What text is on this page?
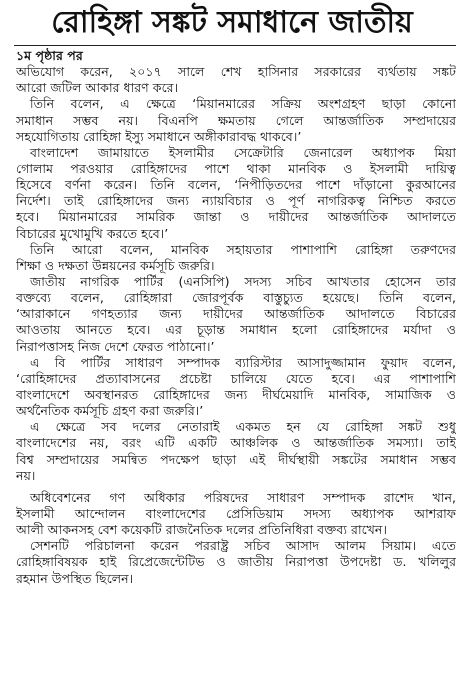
রোহিঙ্গা সঙ্কট সমাধানে জাতীয়
১ম পৃষ্ঠার পর
অভিযোগ করেন, ২০১৭ সালে শেখ হাসিনার সরকারের ব্যর্থতায় সঙ্কট
আরো জটিল আকার ধারণ করে।
তিনি বলেন, এ ক্ষেত্রে ‘মিয়ানমারের সক্রিয় অংশগ্রহণ ছাড়া কোনো
সমাধান সম্ভব নয়। বিএনপি ক্ষমতায় গেলে আন্তর্জাতিক সম্প্রদায়ের
সহযোগিতায় রোহিঙ্গা ইস্যু সমাধানে অঙ্গীকারাবদ্ধ থাকবে।’
বাংলাদেশ জামায়াতে ইসলামীর সেক্রেটারি জেনারেল অধ্যাপক মিয়া
গোলাম পরওয়ার রোহিঙ্গাদের পাশে থাকা মানবিক ও ইসলামী দায়িত্ব
হিসেবে বর্ণনা করেন। তিনি বলেন, ‘নিপীড়িতদের পাশে দাঁড়ানো কুরআনের
নির্দেশ। তাই রোহিঙ্গাদের জন্য ন্যায়বিচার ও পূর্ণ নাগরিকত্ব নিশ্চিত করতে
হবে। মিয়ানমারের সামরিক জান্তা ও দায়ীদের আন্তর্জাতিক আদালতে
বিচারের মুখোমুখি করতে হবে।’
তিনি আরো বলেন, মানবিক সহায়তার পাশাপাশি রোহিঙ্গা তরুণদের
শিক্ষা ও দক্ষতা উন্নয়নের কর্মসূচি জরুরি।
জাতীয় নাগরিক পার্টির (এনসিপি) সদস্য সচিব আখতার হোসেন তার
বক্তব্যে বলেন, রোহিঙ্গারা জোরপূর্বক বাস্তুচ্যুত হয়েছে। তিনি বলেন,
‘আরাকানে গণহত্যার জন্য দায়ীদের আন্তর্জাতিক আদালতে বিচারের
আওতায় আনতে হবে। এর চূড়ান্ত সমাধান হলো রোহিঙ্গাদের মর্যাদা ও
নিরাপত্তাসহ নিজ দেশে ফেরত পাঠানো।’
এ বি পার্টির সাধারণ সম্পাদক ব্যারিস্টার আসাদুজ্জামান ফুয়াদ বলেন,
‘রোহিঙ্গাদের প্রত্যাবাসনের প্রচেষ্টা চালিয়ে যেতে হবে। এর পাশাপাশি
বাংলাদেশে অবস্থানরত রোহিঙ্গাদের জন্য দীর্ঘমেয়াদি মানবিক, সামাজিক ও
অর্থনৈতিক কর্মসূচি গ্রহণ করা জরুরি।’
এ ক্ষেত্রে সব দলের নেতারাই একমত হন যে রোহিঙ্গা সঙ্কট শুধু
বাংলাদেশের নয়, বরং এটি একটি আঞ্চলিক ও আন্তর্জাতিক সমস্যা। তাই
বিশ্ব সম্প্রদায়ের সমন্বিত পদক্ষেপ ছাড়া এই দীর্ঘস্থায়ী সঙ্কটের সমাধান সম্ভব
নয়।
অধিবেশনের গণ অধিকার পরিষদের সাধারণ সম্পাদক রাশেদ খান,
ইসলামী আন্দোলন বাংলাদেশের প্রেসিডিয়াম সদস্য অধ্যাপক আশরাফ
আলী আকনসহ বেশ কয়েকটি রাজনৈতিক দলের প্রতিনিধিরা বক্তব্য রাখেন।
সেশনটি পরিচালনা করেন পররাষ্ট্র সচিব আসাদ আলম সিয়াম। এতে
রোহিঙ্গাবিষয়ক হাই রিপ্রেজেন্টেটিভ ও জাতীয় নিরাপত্তা উপদেষ্টা ড. খলিলুর
রহমান উপস্থিত ছিলেন।
